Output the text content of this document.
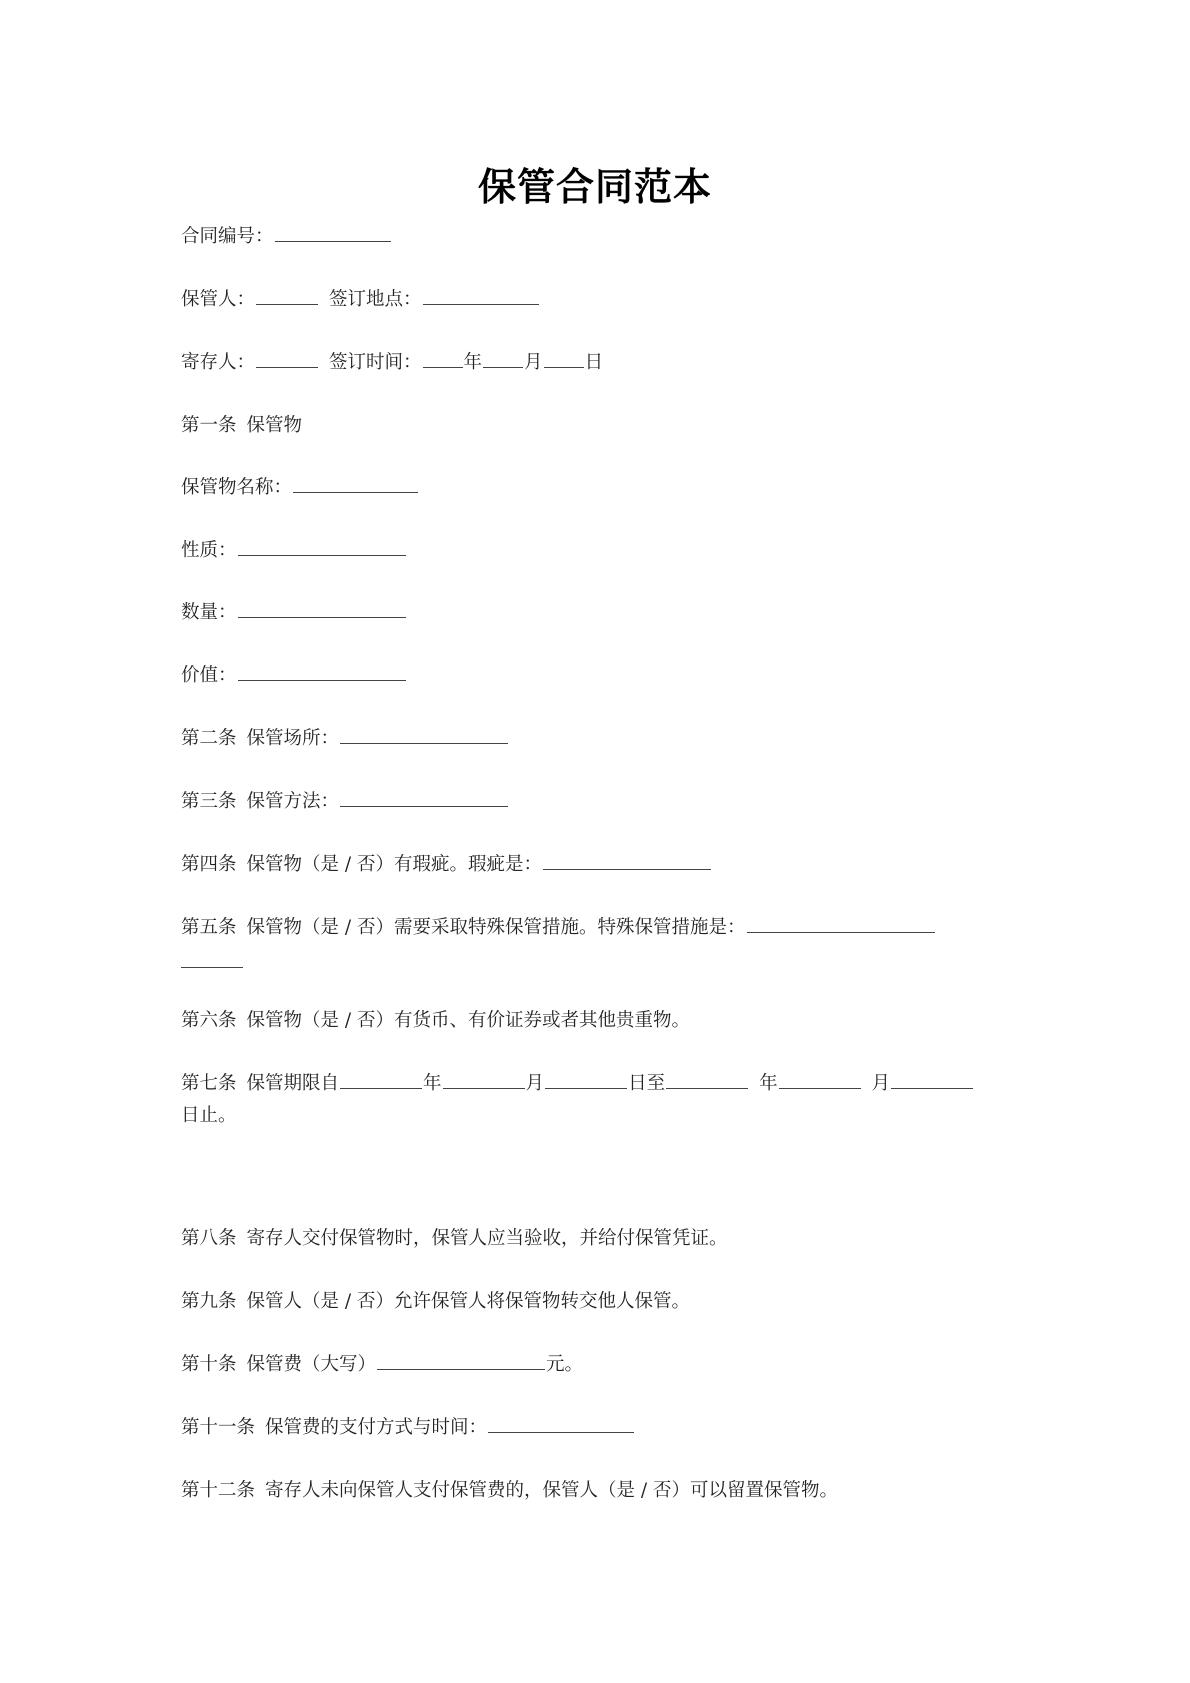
保管合同范本
合同编号：
保管人：	签订地点：
寄存人：	签订时间： 年 月 日
第一条 保管物
保管物名称：
性质：
数量：
价值：
第二条 保管场所：
第三条 保管方法：
第四条 保管物（是 / 否）有瑕疵。瑕疵是：
第五条 保管物（是 / 否）需要采取特殊保管措施。特殊保管措施是：
第六条 保管物（是 / 否）有货币、有价证券或者其他贵重物。
第七条 保管期限自	年	月	日至	年	月
日止。
第八条 寄存人交付保管物时，保管人应当验收，并给付保管凭证。
第九条 保管人（是 / 否）允许保管人将保管物转交他人保管。
第十条 保管费（大写）	元。
第十一条 保管费的支付方式与时间：
第十二条 寄存人未向保管人支付保管费的，保管人（是 / 否）可以留置保管物。
